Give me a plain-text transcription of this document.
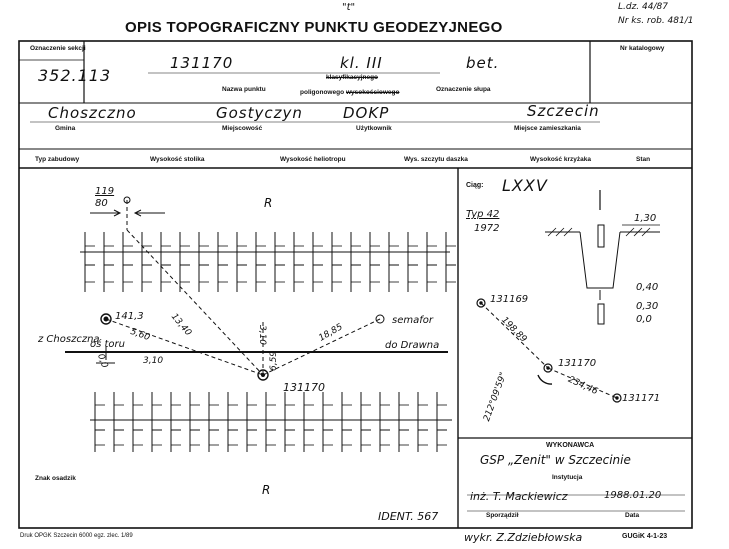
OPIS TOPOGRAFICZNY PUNKTU GEODEZYJNEGO
L.dz. 44/87
Nr ks. rob. 481/1
"t"
Oznaczenie sekcji
352.113
131170	kl. III	bet.
Nazwa punktu
klasyfikacyjnego
poligonowego wysokościowego	Oznaczenie słupa
Nr katalogowy
Choszczno	Gostyczyn	DOKP	Szczecin
Gmina	Miejscowość	Użytkownik	Miejsce zamieszkania
Typ zabudowy	Wysokość stolika	Wysokość heliotropu	Wys. szczytu daszka	Wysokość krzyżaka	Stan
119
80	R
R
141,3
z Choszczna
oś toru
5,60
3,10
0,0
13,40	3,10	18,85
6,59
semafor
do Drawna
131170
IDENT. 567
Znak osadzik
Ciąg: LXXV
Typ 42
1972
1,30
0,40
0,30
0,0
131169
198,89
212°09'59"
131170
234,46
131171
WYKONAWCA
GSP „Zenit" w Szczecinie
Instytucja
inż. T. Mackiewicz	1988.01.20
Sporządził	Data
wykr. Z.Zdziebłowska
Druk OPGK Szczecin 6000 egz. zlec. 1/89	GUGiK 4-1-23
